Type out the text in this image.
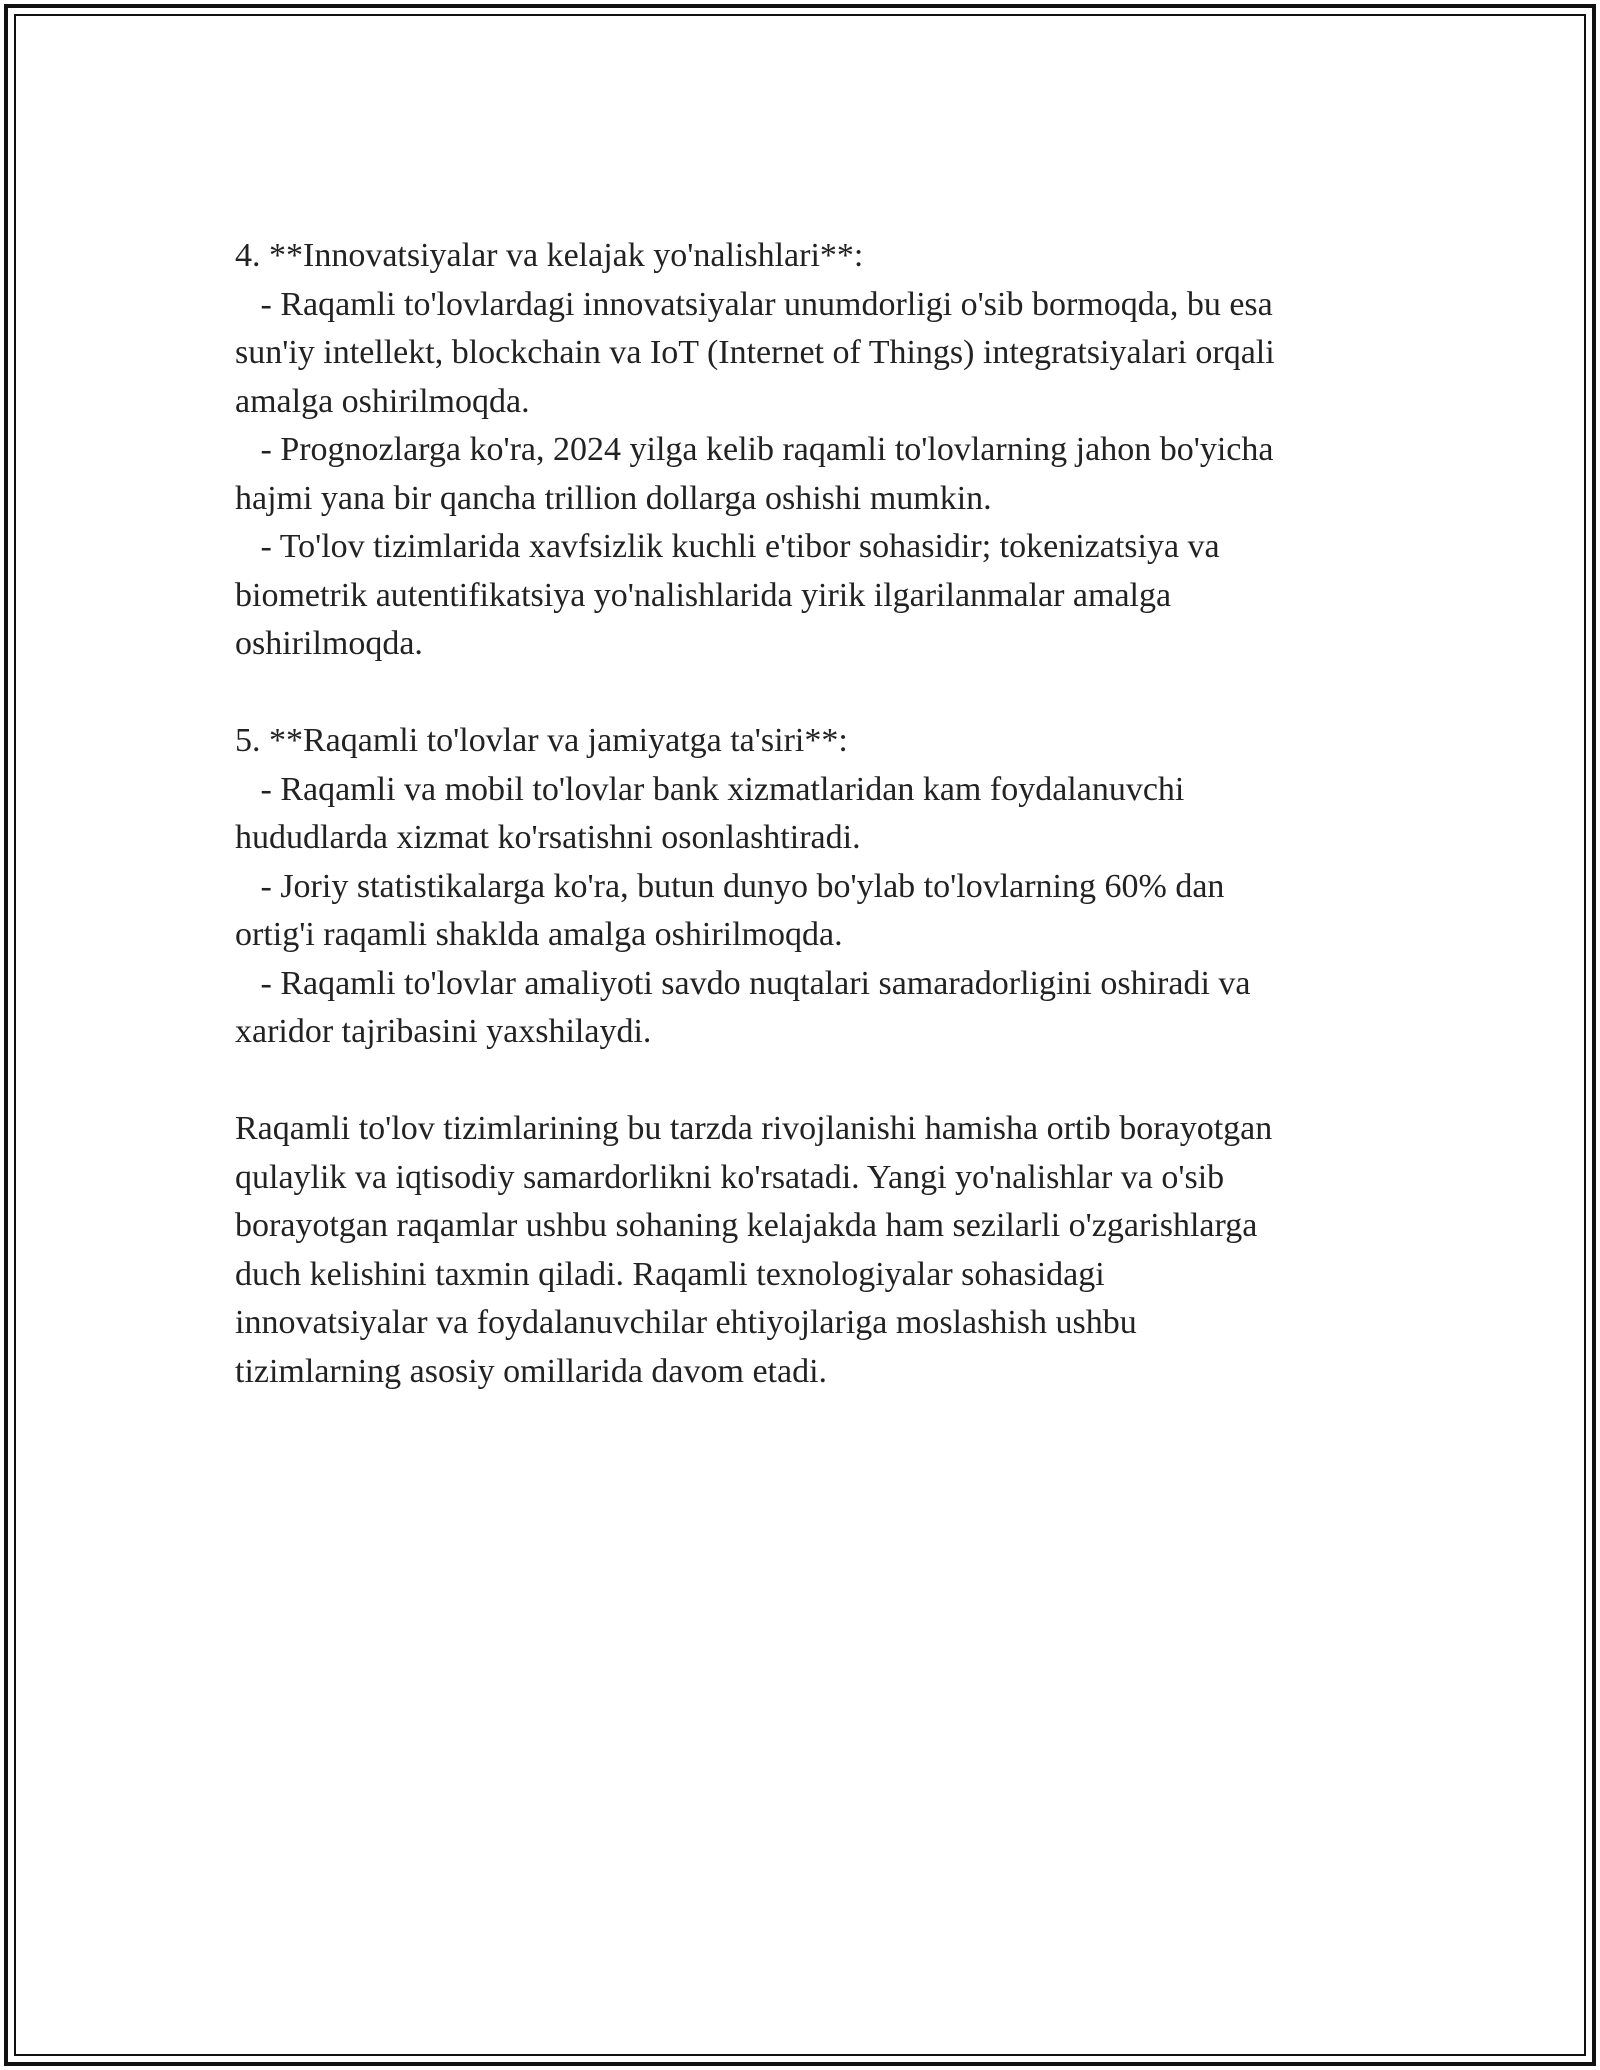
4. **Innovatsiyalar va kelajak yo'nalishlari**:

- Raqamli to'lovlardagi innovatsiyalar unumdorligi o'sib bormoqda, bu esa

sun'iy intellekt, blockchain va IoT (Internet of Things) integratsiyalari orqali

amalga oshirilmoqda.

- Prognozlarga ko'ra, 2024 yilga kelib raqamli to'lovlarning jahon bo'yicha

hajmi yana bir qancha trillion dollarga oshishi mumkin.

- To'lov tizimlarida xavfsizlik kuchli e'tibor sohasidir; tokenizatsiya va

biometrik autentifikatsiya yo'nalishlarida yirik ilgarilanmalar amalga

oshirilmoqda.

5. **Raqamli to'lovlar va jamiyatga ta'siri**:

- Raqamli va mobil to'lovlar bank xizmatlaridan kam foydalanuvchi

hududlarda xizmat ko'rsatishni osonlashtiradi.

- Joriy statistikalarga ko'ra, butun dunyo bo'ylab to'lovlarning 60% dan

ortig'i raqamli shaklda amalga oshirilmoqda.

- Raqamli to'lovlar amaliyoti savdo nuqtalari samaradorligini oshiradi va

xaridor tajribasini yaxshilaydi.

Raqamli to'lov tizimlarining bu tarzda rivojlanishi hamisha ortib borayotgan

qulaylik va iqtisodiy samardorlikni ko'rsatadi. Yangi yo'nalishlar va o'sib

borayotgan raqamlar ushbu sohaning kelajakda ham sezilarli o'zgarishlarga

duch kelishini taxmin qiladi. Raqamli texnologiyalar sohasidagi

innovatsiyalar va foydalanuvchilar ehtiyojlariga moslashish ushbu

tizimlarning asosiy omillarida davom etadi.
